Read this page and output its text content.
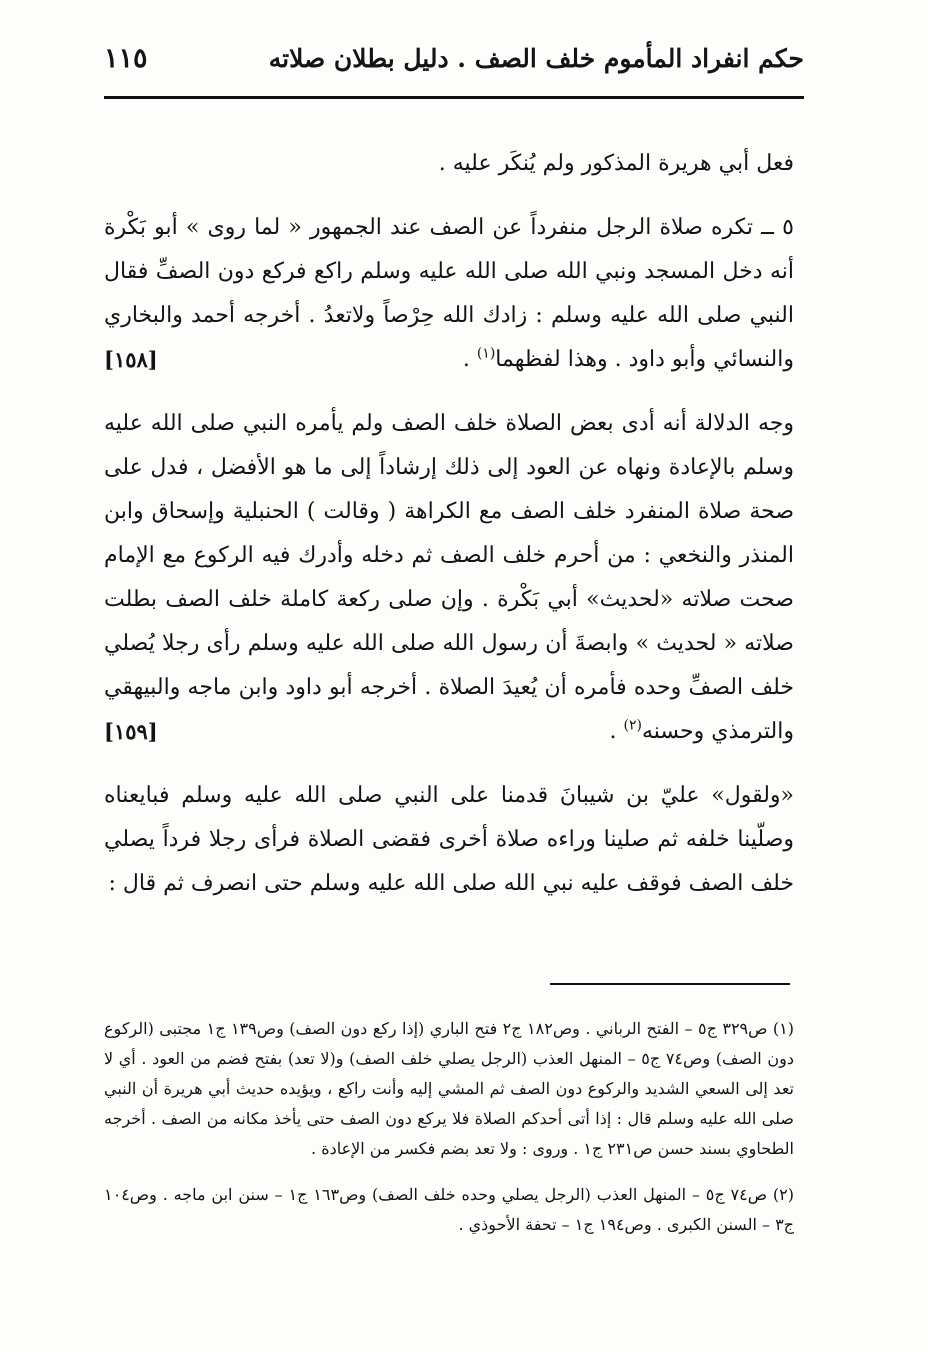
حكم انفراد المأموم خلف الصف . دليل بطلان صلاته
١١٥

فعل أبي هريرة المذكور ولم يُنكَر عليه .

٥ ــ تكره صلاة الرجل منفرداً عن الصف عند الجمهور « لما روى » أبو بَكْرة أنه دخل المسجد ونبي الله صلى الله عليه وسلم راكع فركع دون الصفِّ فقال النبي صلى الله عليه وسلم : زادك الله حِرْصاً ولاتعدُ . أخرجه أحمد والبخاري والنسائي وأبو داود . وهذا لفظهما$^{(١)}$ .
[١٥٨]

وجه الدلالة أنه أدى بعض الصلاة خلف الصف ولم يأمره النبي صلى الله عليه وسلم بالإعادة ونهاه عن العود إلى ذلك إرشاداً إلى ما هو الأفضل ، فدل على صحة صلاة المنفرد خلف الصف مع الكراهة ( وقالت ) الحنبلية وإسحاق وابن المنذر والنخعي : من أحرم خلف الصف ثم دخله وأدرك فيه الركوع مع الإمام صحت صلاته «لحديث» أبي بَكْرة . وإن صلى ركعة كاملة خلف الصف بطلت صلاته « لحديث » وابصةَ أن رسول الله صلى الله عليه وسلم رأى رجلا يُصلي خلف الصفِّ وحده فأمره أن يُعيدَ الصلاة . أخرجه أبو داود وابن ماجه والبيهقي والترمذي وحسنه$^{(٢)}$ .
[١٥٩]

«ولقول» عليّ بن شيبانَ قدمنا على النبي صلى الله عليه وسلم فبايعناه وصلّينا خلفه ثم صلينا وراءه صلاة أخرى فقضى الصلاة فرأى رجلا فرداً يصلي خلف الصف فوقف عليه نبي الله صلى الله عليه وسلم حتى انصرف ثم قال :

(١) ص٣٢٩ ج٥ – الفتح الرباني . وص١٨٢ ج٢ فتح الباري (إذا ركع دون الصف) وص١٣٩ ج١ مجتبى (الركوع دون الصف) وص٧٤ ج٥ – المنهل العذب (الرجل يصلي خلف الصف) و(لا تعد) بفتح فضم من العود . أي لا تعد إلى السعي الشديد والركوع دون الصف ثم المشي إليه وأنت راكع ، ويؤيده حديث أبي هريرة أن النبي صلى الله عليه وسلم قال : إذا أتى أحدكم الصلاة فلا يركع دون الصف حتى يأخذ مكانه من الصف . أخرجه الطحاوي بسند حسن ص٢٣١ ج١ . وروى : ولا تعد بضم فكسر من الإعادة .

(٢) ص٧٤ ج٥ – المنهل العذب (الرجل يصلي وحده خلف الصف) وص١٦٣ ج١ – سنن ابن ماجه . وص١٠٤ ج٣ – السنن الكبرى . وص١٩٤ ج١ – تحفة الأحوذي .
